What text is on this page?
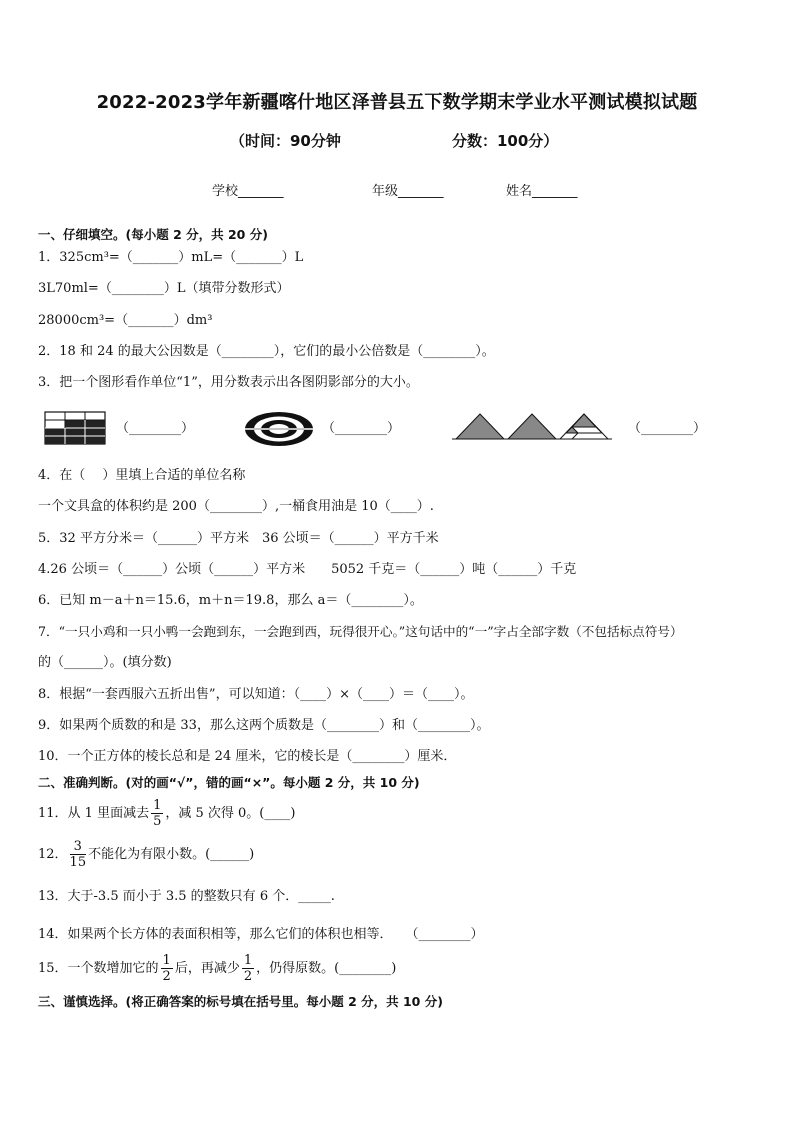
2022-2023学年新疆喀什地区泽普县五下数学期末学业水平测试模拟试题
（时间：90分钟	分数：100分）
学校_______	年级_______	姓名_______
一、仔细填空。(每小题 2 分，共 20 分)
1．325cm³=（_______）mL=（_______）L
3L70ml=（________）L（填带分数形式）
28000cm³=（_______）dm³
2．18 和 24 的最大公因数是（________），它们的最小公倍数是（________）。
3．把一个图形看作单位“1”，用分数表示出各图阴影部分的大小。
（________）	（________）	（________）
4．在（　 ）里填上合适的单位名称
一个文具盒的体积约是 200（________）,一桶食用油是 10（____）.
5．32 平方分米＝（______）平方米　36 公顷＝（______）平方千米
4.26 公顷＝（______）公顷（______）平方米　　5052 千克＝（______）吨（______）千克
6．已知 m－a＋n＝15.6，m＋n＝19.8，那么 a＝（________）。
7．“一只小鸡和一只小鸭一会跑到东，一会跑到西，玩得很开心。”这句话中的“一”字占全部字数（不包括标点符号）
的（______）。(填分数)
8．根据“一套西服六五折出售”，可以知道：（____）×（____）＝（____）。
9．如果两个质数的和是 33，那么这两个质数是（________）和（________）。
10．一个正方体的棱长总和是 24 厘米，它的棱长是（________）厘米．
二、准确判断。(对的画“√”，错的画“×”。每小题 2 分，共 10 分)
11．从 1 里面减去 $\frac{1}{5}$ ，减 5 次得 0。(____)
12． $\frac{3}{15}$ 不能化为有限小数。(______)
13．大于-3.5 而小于 3.5 的整数只有 6 个．_____.
14．如果两个长方体的表面积相等，那么它们的体积也相等．　　（________）
15．一个数增加它的 $\frac{1}{2}$ 后，再减少 $\frac{1}{2}$ ，仍得原数。(________)
三、谨慎选择。(将正确答案的标号填在括号里。每小题 2 分，共 10 分)
